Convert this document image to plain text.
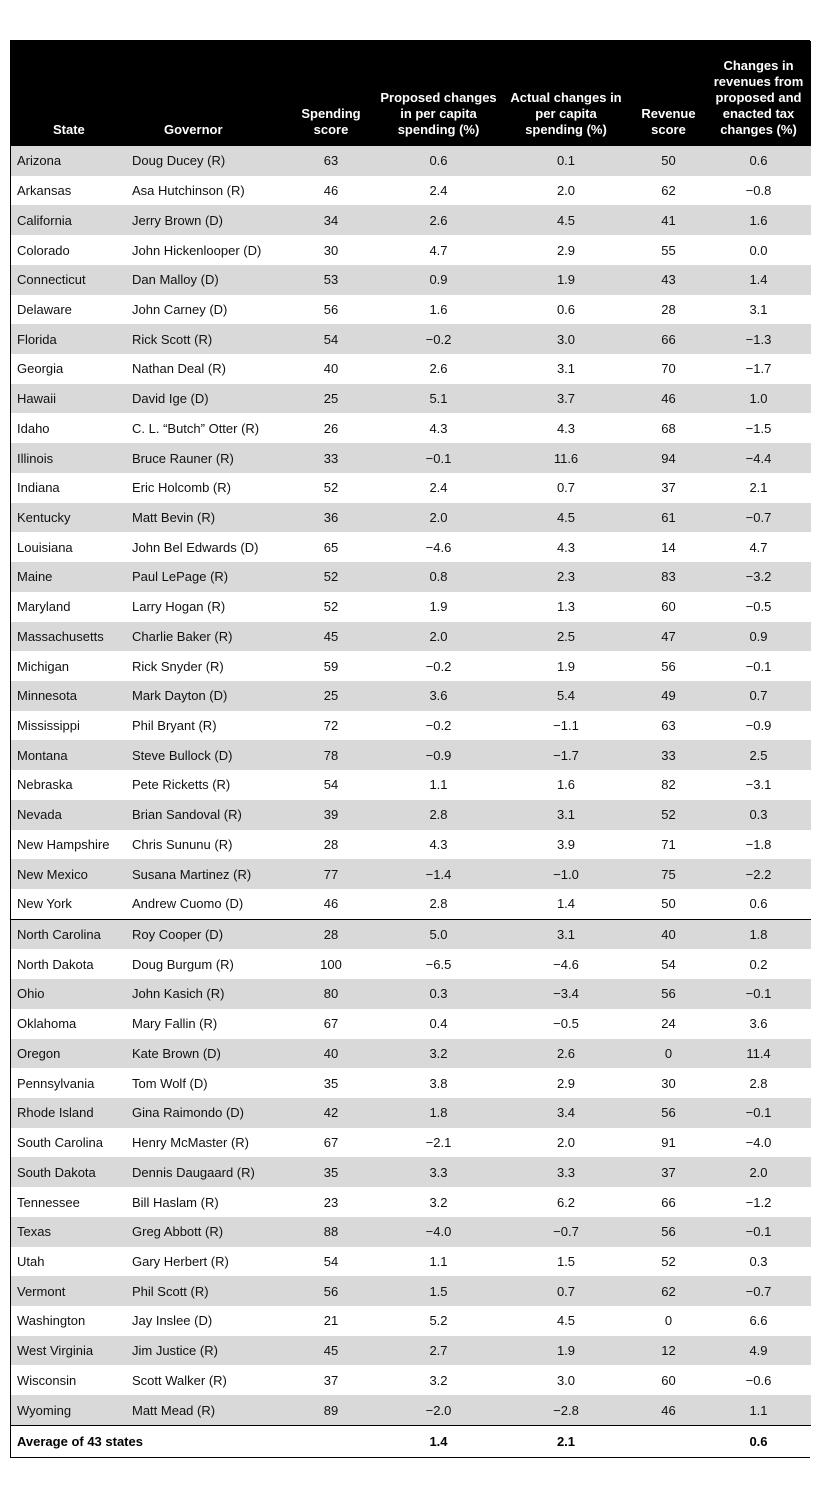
State	Governor	Spending score	Proposed changes in per capita spending (%)	Actual changes in per capita spending (%)	Revenue score	Changes in revenues from proposed and enacted tax changes (%)
Arizona	Doug Ducey (R)	63	0.6	0.1	50	0.6
Arkansas	Asa Hutchinson (R)	46	2.4	2.0	62	−0.8
California	Jerry Brown (D)	34	2.6	4.5	41	1.6
Colorado	John Hickenlooper (D)	30	4.7	2.9	55	0.0
Connecticut	Dan Malloy (D)	53	0.9	1.9	43	1.4
Delaware	John Carney (D)	56	1.6	0.6	28	3.1
Florida	Rick Scott (R)	54	−0.2	3.0	66	−1.3
Georgia	Nathan Deal (R)	40	2.6	3.1	70	−1.7
Hawaii	David Ige (D)	25	5.1	3.7	46	1.0
Idaho	C. L. “Butch” Otter (R)	26	4.3	4.3	68	−1.5
Illinois	Bruce Rauner (R)	33	−0.1	11.6	94	−4.4
Indiana	Eric Holcomb (R)	52	2.4	0.7	37	2.1
Kentucky	Matt Bevin (R)	36	2.0	4.5	61	−0.7
Louisiana	John Bel Edwards (D)	65	−4.6	4.3	14	4.7
Maine	Paul LePage (R)	52	0.8	2.3	83	−3.2
Maryland	Larry Hogan (R)	52	1.9	1.3	60	−0.5
Massachusetts	Charlie Baker (R)	45	2.0	2.5	47	0.9
Michigan	Rick Snyder (R)	59	−0.2	1.9	56	−0.1
Minnesota	Mark Dayton (D)	25	3.6	5.4	49	0.7
Mississippi	Phil Bryant (R)	72	−0.2	−1.1	63	−0.9
Montana	Steve Bullock (D)	78	−0.9	−1.7	33	2.5
Nebraska	Pete Ricketts (R)	54	1.1	1.6	82	−3.1
Nevada	Brian Sandoval (R)	39	2.8	3.1	52	0.3
New Hampshire	Chris Sununu (R)	28	4.3	3.9	71	−1.8
New Mexico	Susana Martinez (R)	77	−1.4	−1.0	75	−2.2
New York	Andrew Cuomo (D)	46	2.8	1.4	50	0.6
North Carolina	Roy Cooper (D)	28	5.0	3.1	40	1.8
North Dakota	Doug Burgum (R)	100	−6.5	−4.6	54	0.2
Ohio	John Kasich (R)	80	0.3	−3.4	56	−0.1
Oklahoma	Mary Fallin (R)	67	0.4	−0.5	24	3.6
Oregon	Kate Brown (D)	40	3.2	2.6	0	11.4
Pennsylvania	Tom Wolf (D)	35	3.8	2.9	30	2.8
Rhode Island	Gina Raimondo (D)	42	1.8	3.4	56	−0.1
South Carolina	Henry McMaster (R)	67	−2.1	2.0	91	−4.0
South Dakota	Dennis Daugaard (R)	35	3.3	3.3	37	2.0
Tennessee	Bill Haslam (R)	23	3.2	6.2	66	−1.2
Texas	Greg Abbott (R)	88	−4.0	−0.7	56	−0.1
Utah	Gary Herbert (R)	54	1.1	1.5	52	0.3
Vermont	Phil Scott (R)	56	1.5	0.7	62	−0.7
Washington	Jay Inslee (D)	21	5.2	4.5	0	6.6
West Virginia	Jim Justice (R)	45	2.7	1.9	12	4.9
Wisconsin	Scott Walker (R)	37	3.2	3.0	60	−0.6
Wyoming	Matt Mead (R)	89	−2.0	−2.8	46	1.1
Average of 43 states			1.4	2.1		0.6
